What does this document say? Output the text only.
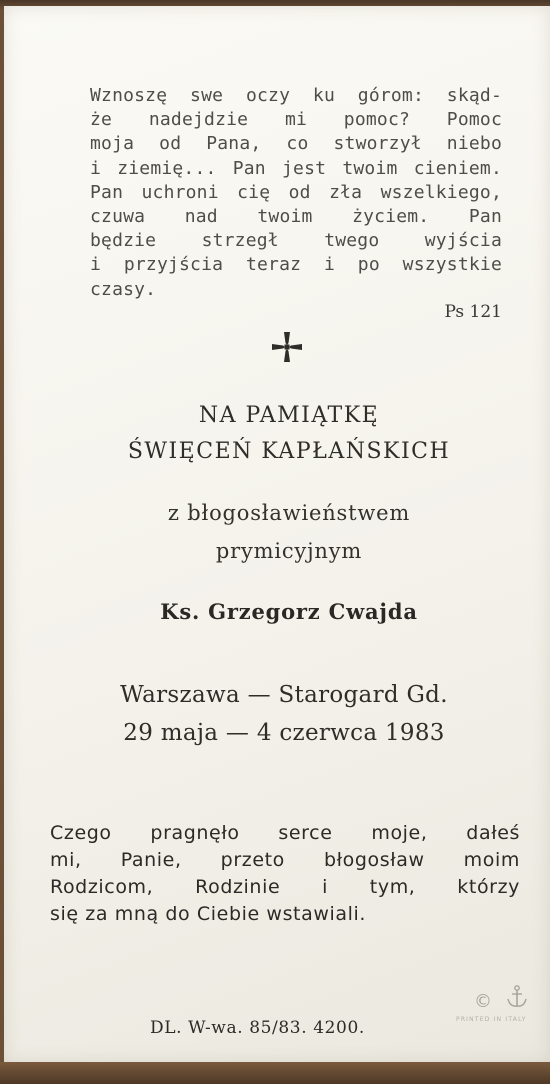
Wznoszę swe oczy ku górom: skąd-
że nadejdzie mi pomoc? Pomoc
moja od Pana, co stworzył niebo
i ziemię... Pan jest twoim cieniem.
Pan uchroni cię od zła wszelkiego,
czuwa nad twoim życiem. Pan
będzie strzegł twego wyjścia
i przyjścia teraz i po wszystkie
czasy.
Ps 121
NA PAMIĄTKĘ
ŚWIĘCEŃ KAPŁAŃSKICH
z błogosławieństwem
prymicyjnym
Ks. Grzegorz Cwajda
Warszawa — Starogard Gd.
29 maja — 4 czerwca 1983
Czego pragnęło serce moje, dałeś
mi, Panie, przeto błogosław moim
Rodzicom, Rodzinie i tym, którzy
się za mną do Ciebie wstawiali.
©
PRINTED IN ITALY
DL. W-wa. 85/83. 4200.
